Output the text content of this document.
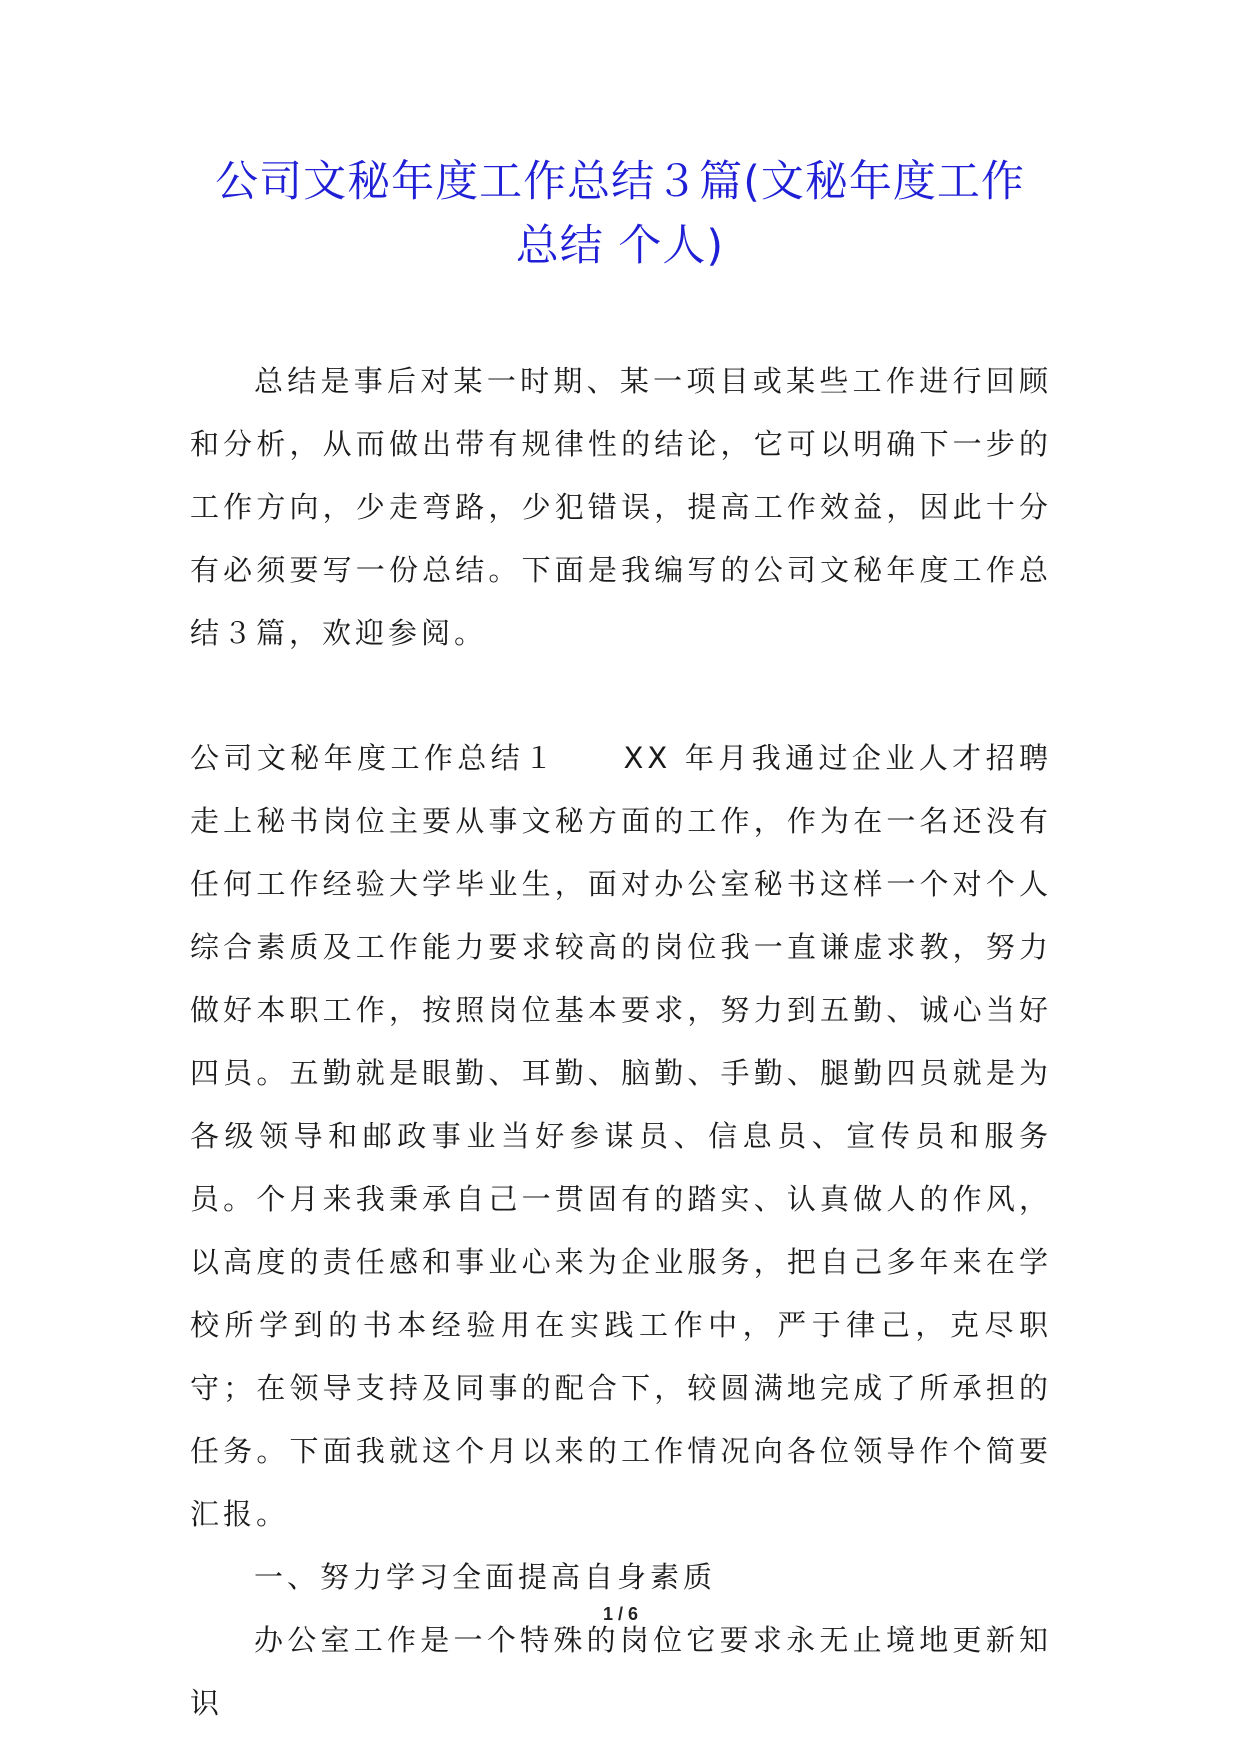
公司文秘年度工作总结３篇(文秘年度工作
总结 个人)

总结是事后对某一时期、某一项目或某些工作进行回顾和分析，从而做出带有规律性的结论，它可以明确下一步的工作方向，少走弯路，少犯错误，提高工作效益，因此十分有必须要写一份总结。下面是我编写的公司文秘年度工作总结３篇，欢迎参阅。

公司文秘年度工作总结１ XX 年月我通过企业人才招聘走上秘书岗位主要从事文秘方面的工作，作为在一名还没有任何工作经验大学毕业生，面对办公室秘书这样一个对个人综合素质及工作能力要求较高的岗位我一直谦虚求教，努力做好本职工作，按照岗位基本要求，努力到五勤、诚心当好四员。五勤就是眼勤、耳勤、脑勤、手勤、腿勤四员就是为各级领导和邮政事业当好参谋员、信息员、宣传员和服务员。个月来我秉承自己一贯固有的踏实、认真做人的作风，以高度的责任感和事业心来为企业服务，把自己多年来在学校所学到的书本经验用在实践工作中，严于律己，克尽职守；在领导支持及同事的配合下，较圆满地完成了所承担的任务。下面我就这个月以来的工作情况向各位领导作个简要汇报。

一、努力学习全面提高自身素质

办公室工作是一个特殊的岗位它要求永无止境地更新知识

1 / 6
